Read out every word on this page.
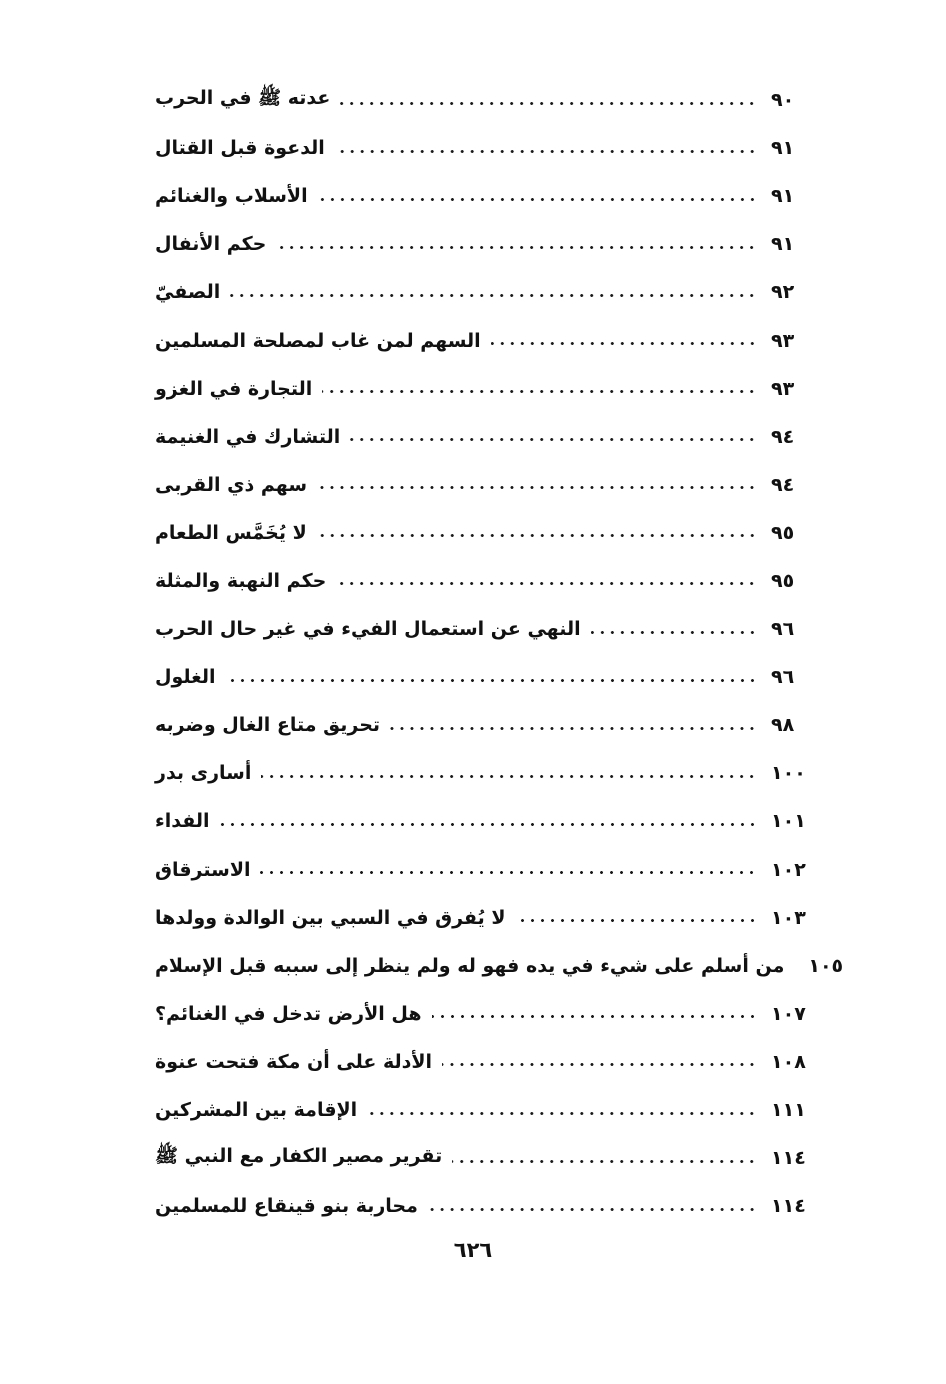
عدته ﷺ في الحرب	٩٠
الدعوة قبل القتال	٩١
الأسلاب والغنائم	٩١
حكم الأنفال	٩١
الصفيّ	٩٢
السهم لمن غاب لمصلحة المسلمين	٩٣
التجارة في الغزو	٩٣
التشارك في الغنيمة	٩٤
سهم ذي القربى	٩٤
لا يُخَمَّس الطعام	٩٥
حكم النهبة والمثلة	٩٥
النهي عن استعمال الفيء في غير حال الحرب	٩٦
الغلول	٩٦
تحريق متاع الغال وضربه	٩٨
أسارى بدر	١٠٠
الفداء	١٠١
الاسترقاق	١٠٢
لا يُفرق في السبي بين الوالدة وولدها	١٠٣
من أسلم على شيء في يده فهو له ولم ينظر إلى سببه قبل الإسلام ١٠٥
هل الأرض تدخل في الغنائم؟	١٠٧
الأدلة على أن مكة فتحت عنوة	١٠٨
الإقامة بين المشركين	١١١
تقرير مصير الكفار مع النبي ﷺ	١١٤
محاربة بنو قينقاع للمسلمين	١١٤
٦٢٦
